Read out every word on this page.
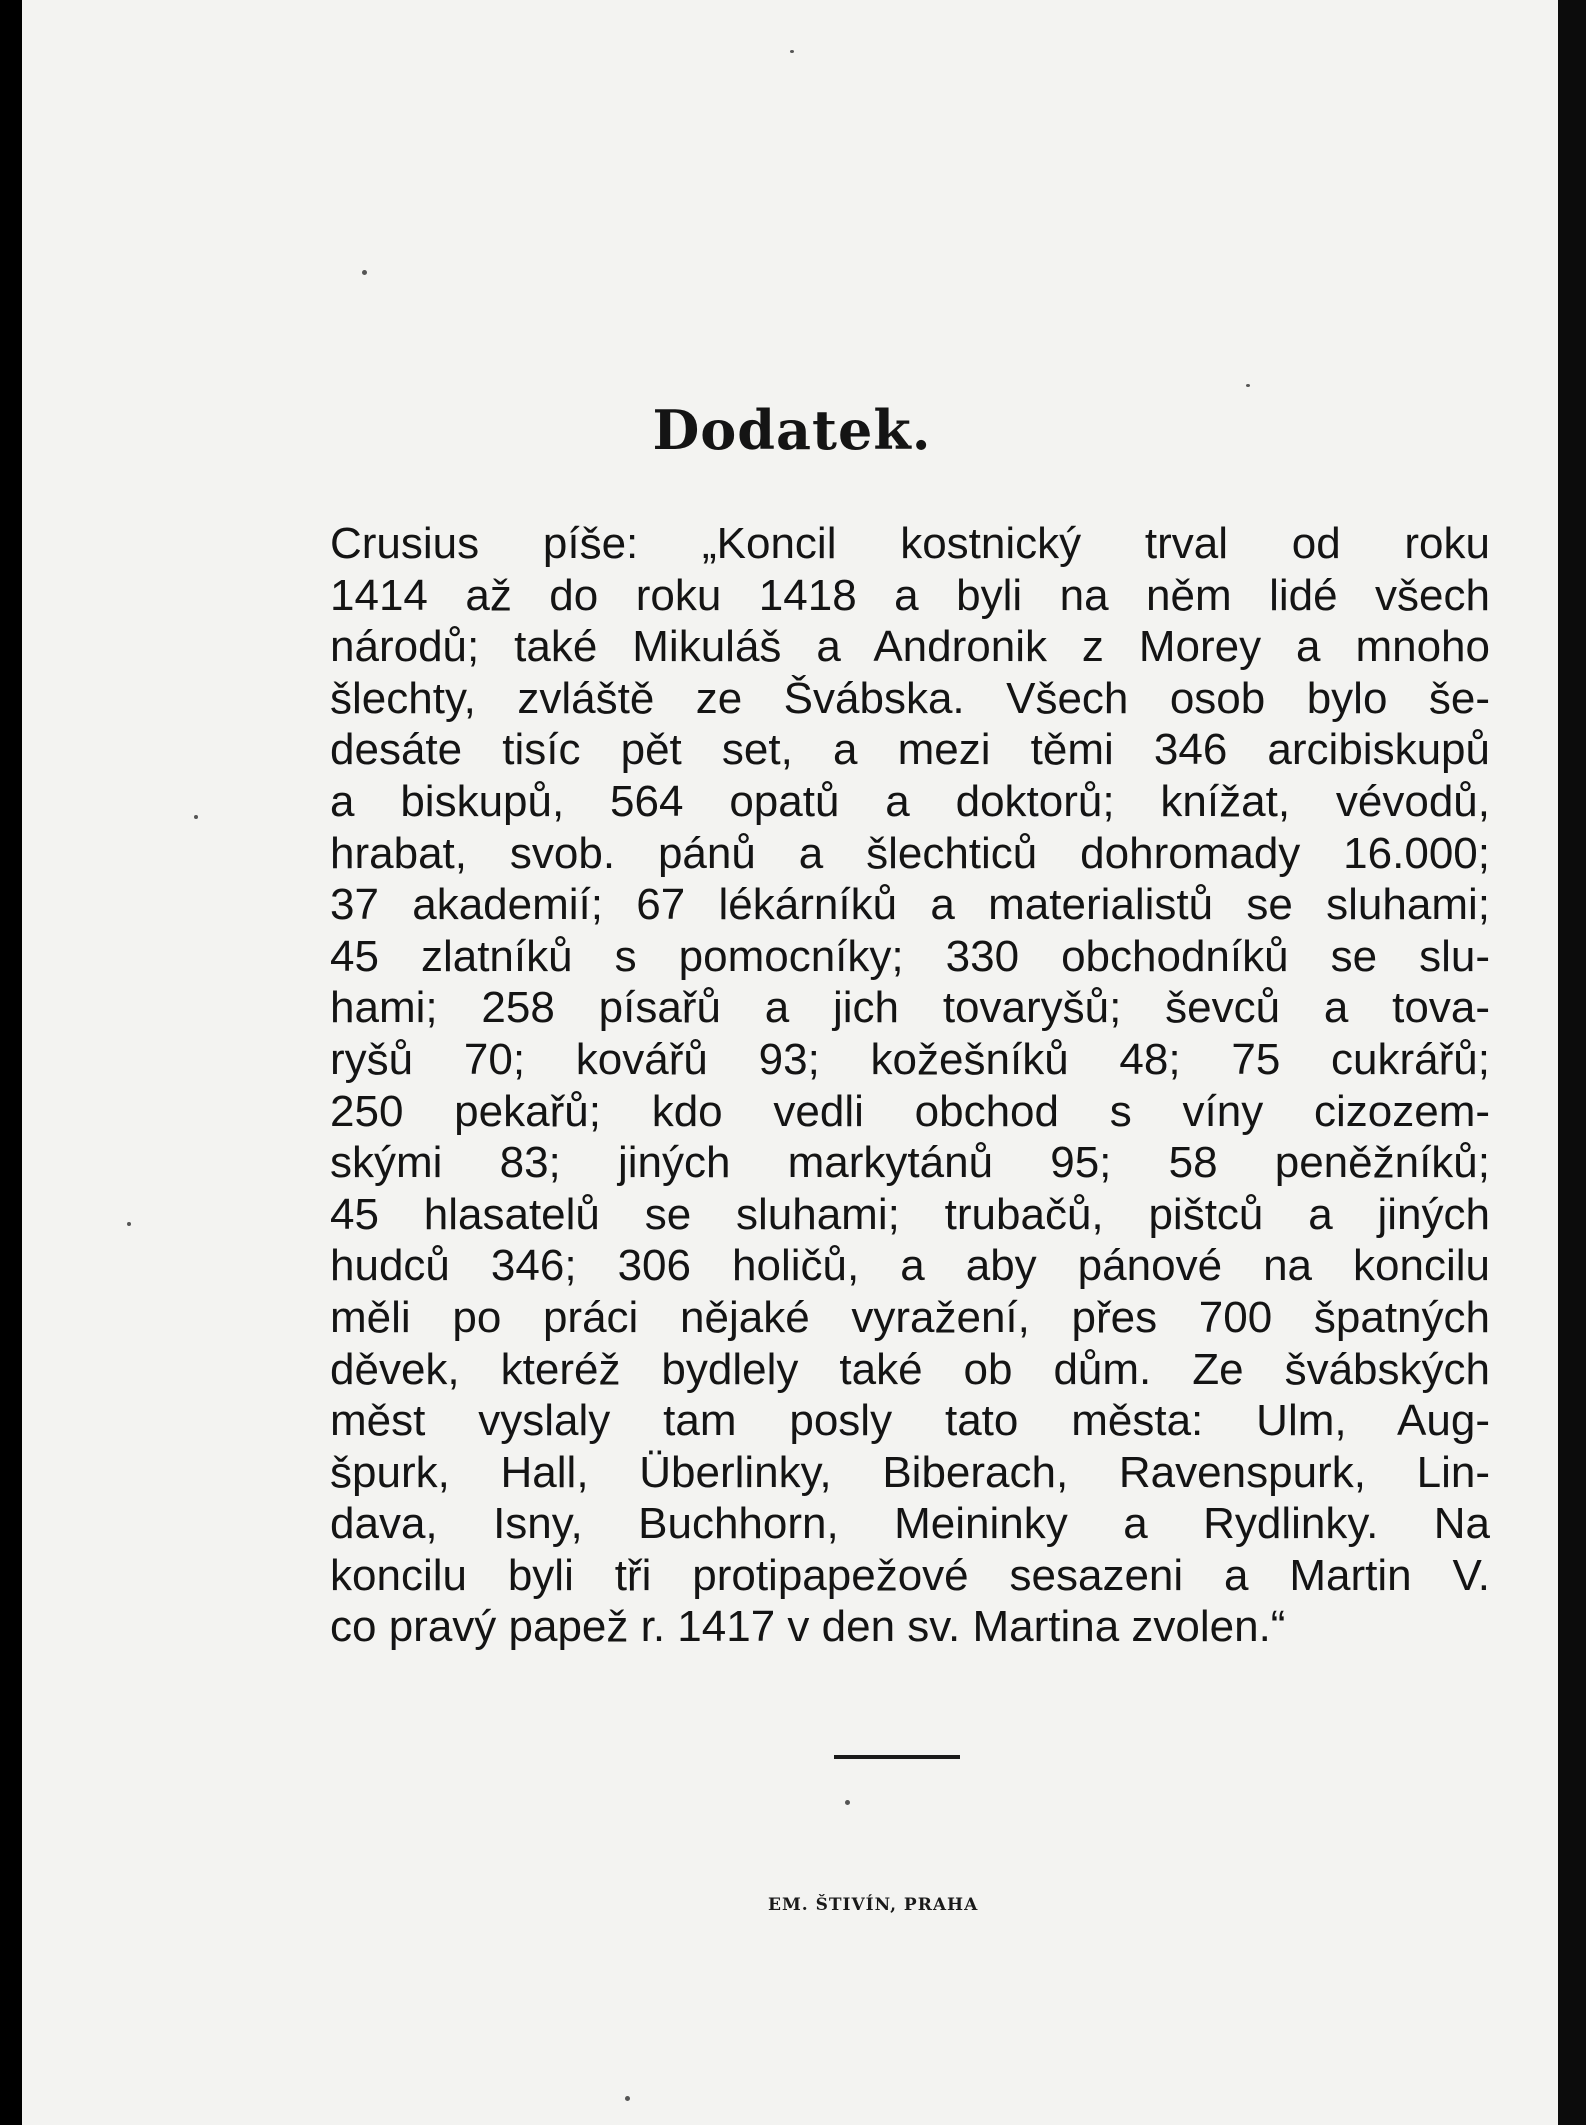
Dodatek.
Crusius píše: „Koncil kostnický trval od roku
1414 až do roku 1418 a byli na něm lidé všech
národů; také Mikuláš a Andronik z Morey a mnoho
šlechty, zvláště ze Švábska. Všech osob bylo še-
desáte tisíc pět set, a mezi těmi 346 arcibiskupů
a biskupů, 564 opatů a doktorů; knížat, vévodů,
hrabat, svob. pánů a šlechticů dohromady 16.000;
37 akademií; 67 lékárníků a materialistů se sluhami;
45 zlatníků s pomocníky; 330 obchodníků se slu-
hami; 258 písařů a jich tovaryšů; ševců a tova-
ryšů 70; kovářů 93; kožešníků 48; 75 cukrářů;
250 pekařů; kdo vedli obchod s víny cizozem-
skými 83; jiných markytánů 95; 58 peněžníků;
45 hlasatelů se sluhami; trubačů, pištců a jiných
hudců 346; 306 holičů, a aby pánové na koncilu
měli po práci nějaké vyražení, přes 700 špatných
děvek, kteréž bydlely také ob dům. Ze švábských
měst vyslaly tam posly tato města: Ulm, Aug-
špurk, Hall, Überlinky, Biberach, Ravenspurk, Lin-
dava, Isny, Buchhorn, Meininky a Rydlinky. Na
koncilu byli tři protipapežové sesazeni a Martin V.
co pravý papež r. 1417 v den sv. Martina zvolen.“

EM. ŠTIVÍN, PRAHA
